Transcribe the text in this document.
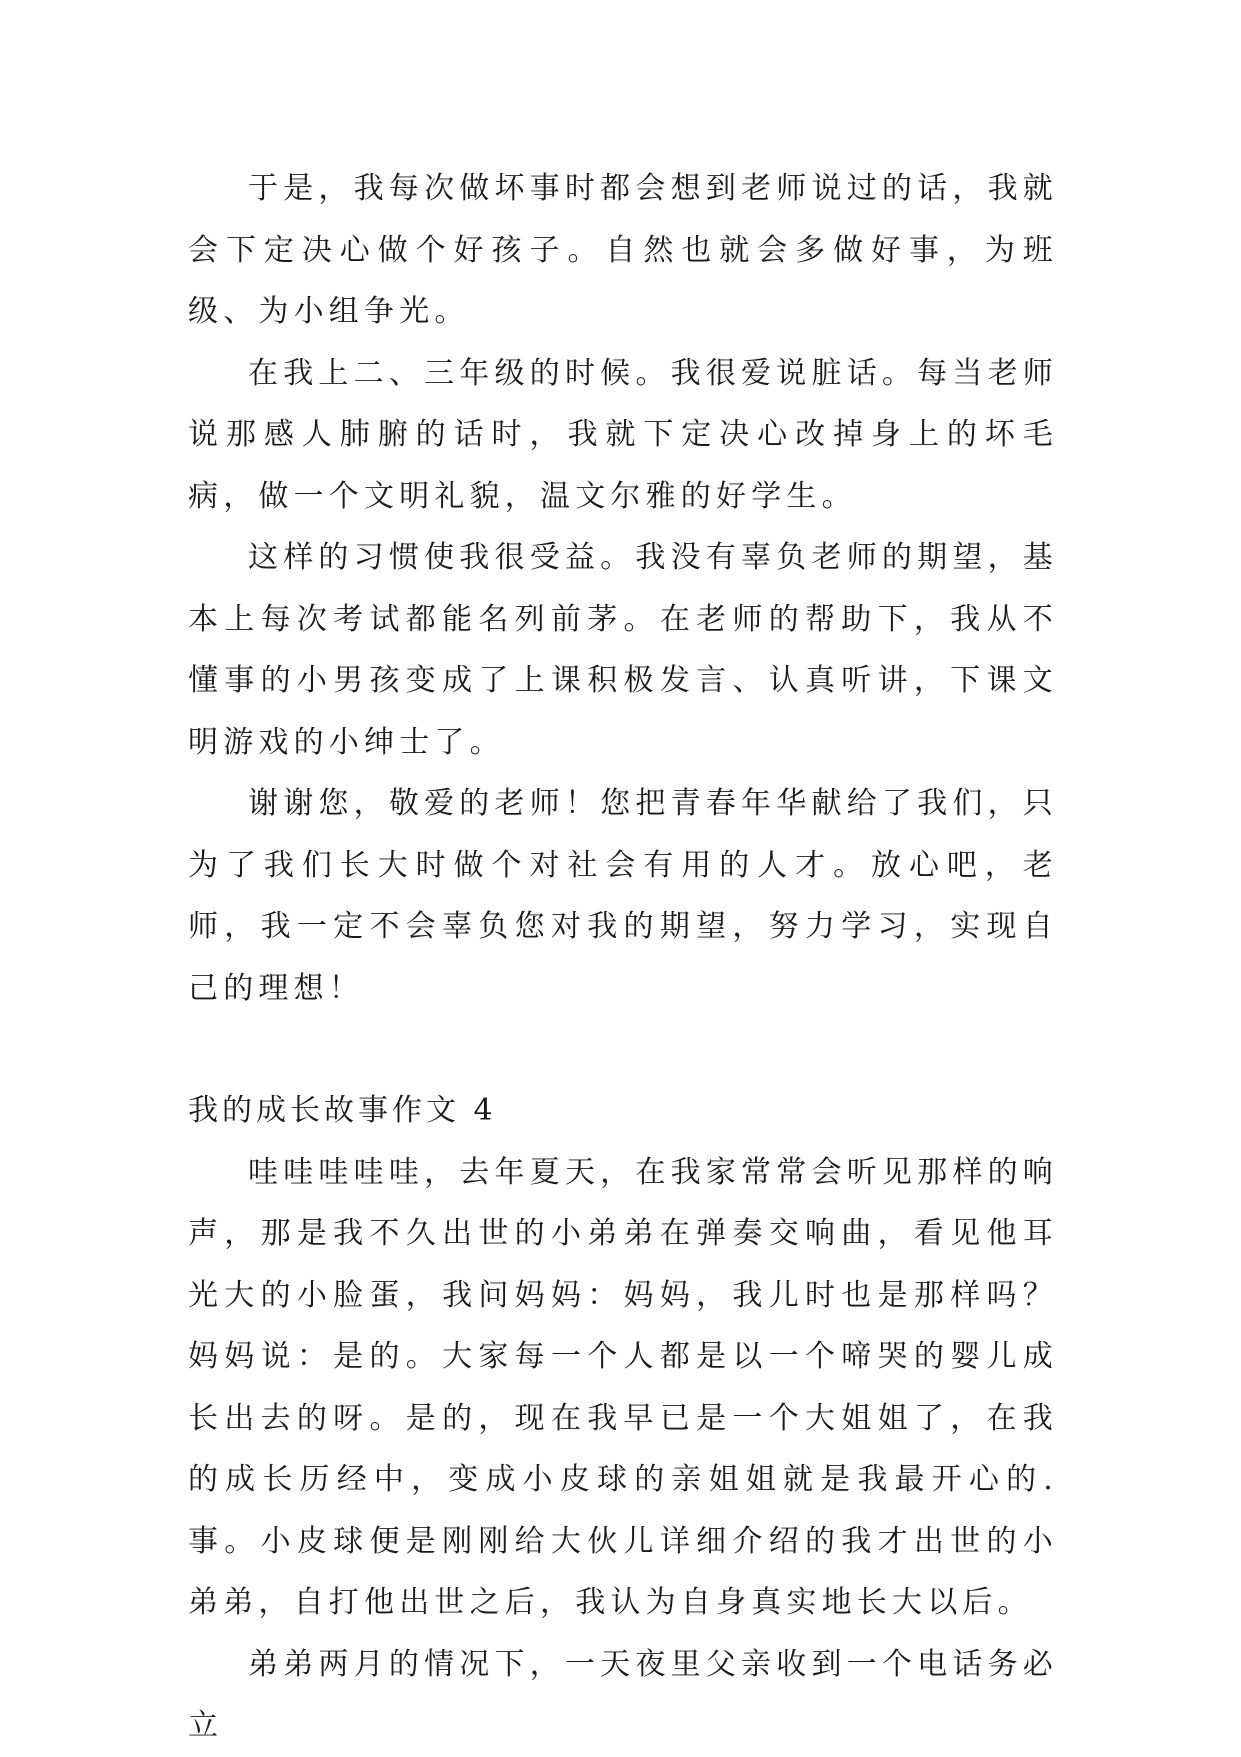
于是，我每次做坏事时都会想到老师说过的话，我就会下定决心做个好孩子。自然也就会多做好事，为班级、为小组争光。

在我上二、三年级的时候。我很爱说脏话。每当老师说那感人肺腑的话时，我就下定决心改掉身上的坏毛病，做一个文明礼貌，温文尔雅的好学生。

这样的习惯使我很受益。我没有辜负老师的期望，基本上每次考试都能名列前茅。在老师的帮助下，我从不懂事的小男孩变成了上课积极发言、认真听讲，下课文明游戏的小绅士了。

谢谢您，敬爱的老师！您把青春年华献给了我们，只为了我们长大时做个对社会有用的人才。放心吧，老师，我一定不会辜负您对我的期望，努力学习，实现自己的理想！

我的成长故事作文 4

哇哇哇哇哇，去年夏天，在我家常常会听见那样的响声，那是我不久出世的小弟弟在弹奏交响曲，看见他耳光大的小脸蛋，我问妈妈：妈妈，我儿时也是那样吗？妈妈说：是的。大家每一个人都是以一个啼哭的婴儿成长出去的呀。是的，现在我早已是一个大姐姐了，在我的成长历经中，变成小皮球的亲姐姐就是我最开心的.事。小皮球便是刚刚给大伙儿详细介绍的我才出世的小弟弟，自打他出世之后，我认为自身真实地长大以后。

弟弟两月的情况下，一天夜里父亲收到一个电话务必立
